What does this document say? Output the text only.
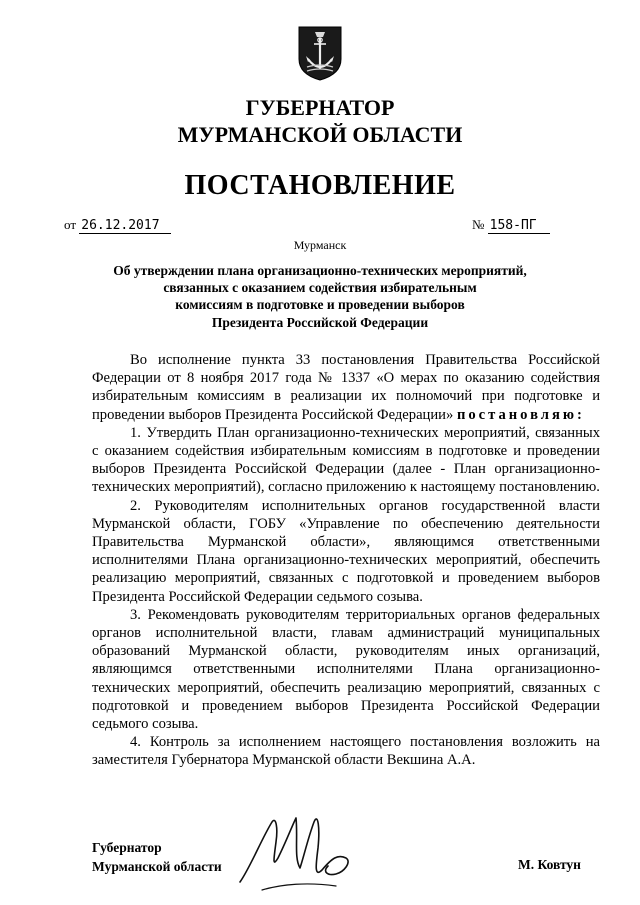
ГУБЕРНАТОР
МУРМАНСКОЙ ОБЛАСТИ
ПОСТАНОВЛЕНИЕ
от 26.12.2017	№ 158-ПГ
Мурманск
Об утверждении плана организационно-технических мероприятий,
связанных с оказанием содействия избирательным
комиссиям в подготовке и проведении выборов
Президента Российской Федерации

Во исполнение пункта 33 постановления Правительства Российской Федерации от 8 ноября 2017 года № 1337 «О мерах по оказанию содействия избирательным комиссиям в реализации их полномочий при подготовке и проведении выборов Президента Российской Федерации» постановляю:

1. Утвердить План организационно-технических мероприятий, связанных с оказанием содействия избирательным комиссиям в подготовке и проведении выборов Президента Российской Федерации (далее - План организационно-технических мероприятий), согласно приложению к настоящему постановлению.

2. Руководителям исполнительных органов государственной власти Мурманской области, ГОБУ «Управление по обеспечению деятельности Правительства Мурманской области», являющимся ответственными исполнителями Плана организационно-технических мероприятий, обеспечить реализацию мероприятий, связанных с подготовкой и проведением выборов Президента Российской Федерации седьмого созыва.

3. Рекомендовать руководителям территориальных органов федеральных органов исполнительной власти, главам администраций муниципальных образований Мурманской области, руководителям иных организаций, являющимся ответственными исполнителями Плана организационно-технических мероприятий, обеспечить реализацию мероприятий, связанных с подготовкой и проведением выборов Президента Российской Федерации седьмого созыва.

4. Контроль за исполнением настоящего постановления возложить на заместителя Губернатора Мурманской области Векшина А.А.

Губернатор
Мурманской области	М. Ковтун
